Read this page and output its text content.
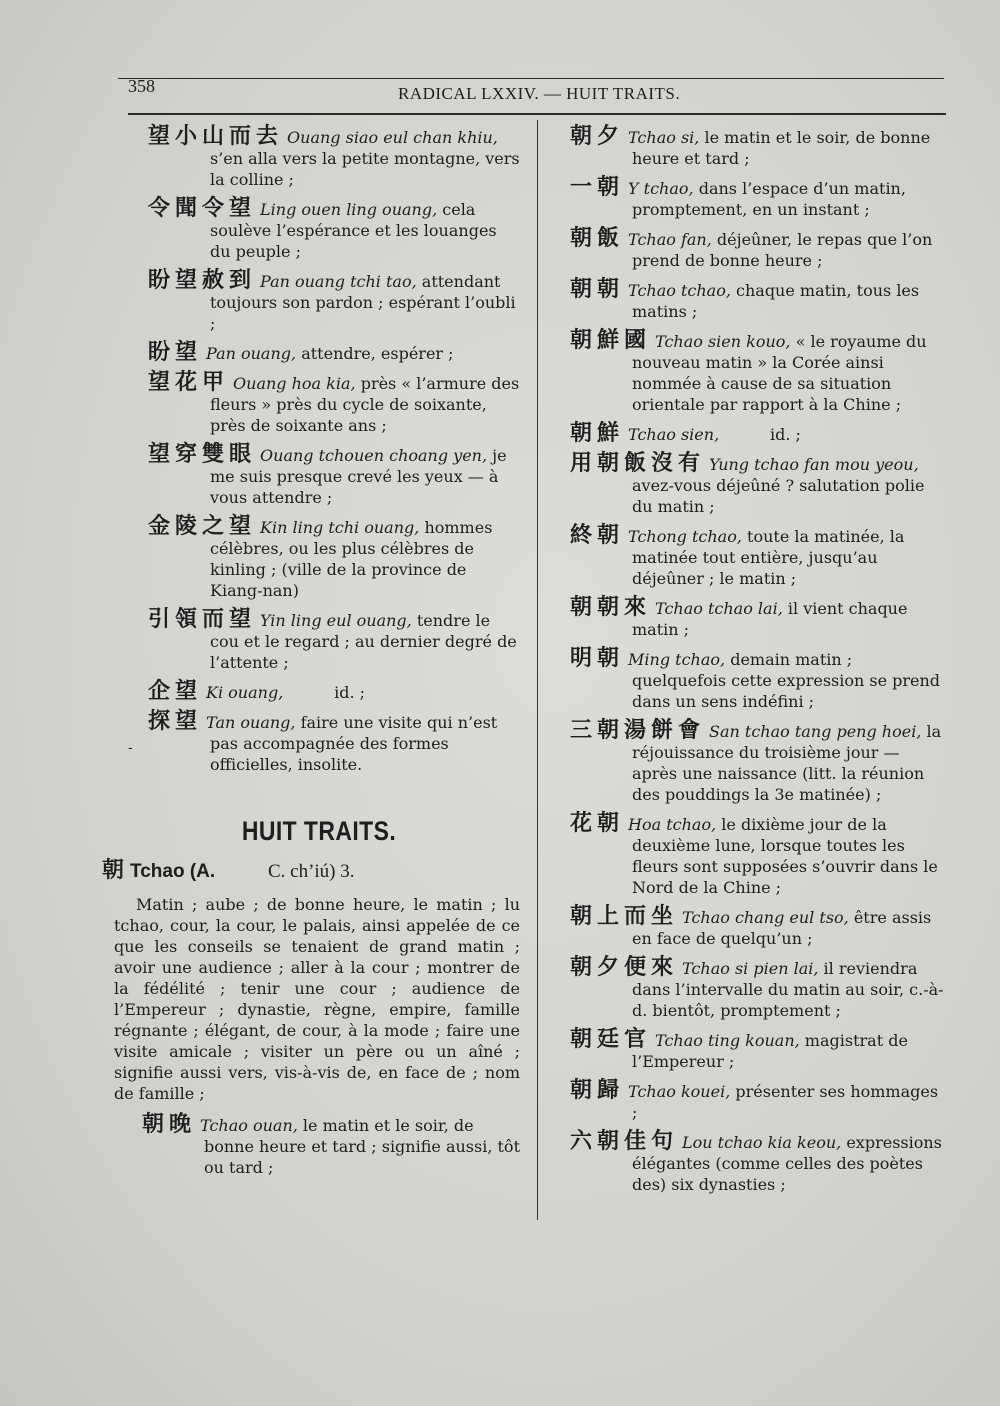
358	RADICAL LXXIV. — HUIT TRAITS.
-
望小山而去 Ouang siao eul chan khiu, s’en alla vers la petite montagne, vers la colline ;
令聞令望 Ling ouen ling ouang, cela soulève l’espérance et les louanges du peuple ;
盼望赦到 Pan ouang tchi tao, attendant toujours son pardon ; espérant l’oubli ;
盼望 Pan ouang, attendre, espérer ;
望花甲 Ouang hoa kia, près « l’armure des fleurs » près du cycle de soixante, près de soixante ans ;
望穿雙眼 Ouang tchouen choang yen, je me suis presque crevé les yeux — à vous attendre ;
金陵之望 Kin ling tchi ouang, hommes célèbres, ou les plus célèbres de kinling ; (ville de la province de Kiang-nan)
引領而望 Yin ling eul ouang, tendre le cou et le regard ; au dernier degré de l’attente ;
企望 Ki ouang,          id. ;
探望 Tan ouang, faire une visite qui n’est pas accompagnée des formes officielles, insolite.
HUIT TRAITS.
朝 Tchao (A.	C. ch’iú) 3.
Matin ; aube ; de bonne heure, le matin ; lu tchao, cour, la cour, le palais, ainsi appelée de ce que les conseils se tenaient de grand matin ; avoir une audience ; aller à la cour ; montrer de la fédélité ; tenir une cour ; audience de l’Empereur ; dynastie, règne, empire, famille régnante ; élégant, de cour, à la mode ; faire une visite amicale ; visiter un père ou un aîné ; signifie aussi vers, vis-à-vis de, en face de ; nom de famille ;
朝晚 Tchao ouan, le matin et le soir, de bonne heure et tard ; signifie aussi, tôt ou tard ;
朝夕 Tchao si, le matin et le soir, de bonne heure et tard ;
一朝 Y tchao, dans l’espace d’un matin, promptement, en un instant ;
朝飯 Tchao fan, déjeûner, le repas que l’on prend de bonne heure ;
朝朝 Tchao tchao, chaque matin, tous les matins ;
朝鮮國 Tchao sien kouo, « le royaume du nouveau matin » la Corée ainsi nommée à cause de sa situation orientale par rapport à la Chine ;
朝鮮 Tchao sien,          id. ;
用朝飯沒有 Yung tchao fan mou yeou, avez-vous déjeûné ? salutation polie du matin ;
終朝 Tchong tchao, toute la matinée, la matinée tout entière, jusqu’au déjeûner ; le matin ;
朝朝來 Tchao tchao lai, il vient chaque matin ;
明朝 Ming tchao, demain matin ; quelquefois cette expression se prend dans un sens indéfini ;
三朝湯餅會 San tchao tang peng hoei, la réjouissance du troisième jour — après une naissance (litt. la réunion des pouddings la 3e matinée) ;
花朝 Hoa tchao, le dixième jour de la deuxième lune, lorsque toutes les fleurs sont supposées s’ouvrir dans le Nord de la Chine ;
朝上而坐 Tchao chang eul tso, être assis en face de quelqu’un ;
朝夕便來 Tchao si pien lai, il reviendra dans l’intervalle du matin au soir, c.-à-d. bientôt, promptement ;
朝廷官 Tchao ting kouan, magistrat de l’Empereur ;
朝歸 Tchao kouei, présenter ses hommages ;
六朝佳句 Lou tchao kia keou, expressions élégantes (comme celles des poètes des) six dynasties ;
